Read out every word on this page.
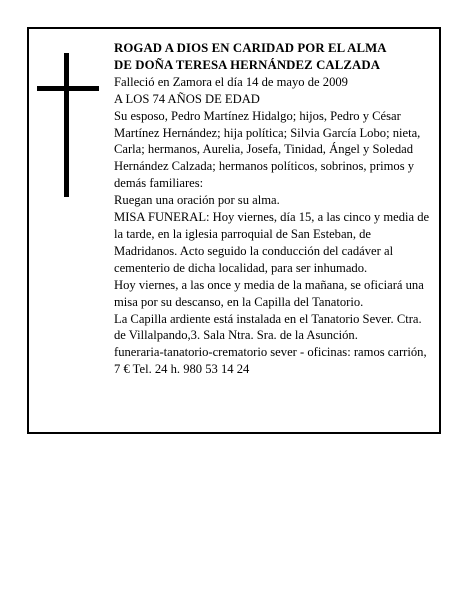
ROGAD A DIOS EN CARIDAD POR EL ALMA

DE DOÑA TERESA HERNÁNDEZ CALZADA

Falleció en Zamora el día 14 de mayo de 2009

A LOS 74 AÑOS DE EDAD

Su esposo, Pedro Martínez Hidalgo; hijos, Pedro y César Martínez Hernández; hija política; Silvia García Lobo; nieta, Carla; hermanos, Aurelia, Josefa, Tinidad, Ángel y Soledad Hernández Calzada; hermanos políticos, sobrinos, primos y demás familiares:

Ruegan una oración por su alma.

MISA FUNERAL: Hoy viernes, día 15, a las cinco y media de la tarde, en la iglesia parroquial de San Esteban, de Madridanos. Acto seguido la conducción del cadáver al cementerio de dicha localidad, para ser inhumado.

Hoy viernes, a las once y media de la mañana, se oficiará una misa por su descanso, en la Capilla del Tanatorio.

La Capilla ardiente está instalada en el Tanatorio Sever. Ctra. de Villalpando,3. Sala Ntra. Sra. de la Asunción.

funeraria-tanatorio-crematorio sever - oficinas: ramos carrión, 7 € Tel. 24 h. 980 53 14 24
